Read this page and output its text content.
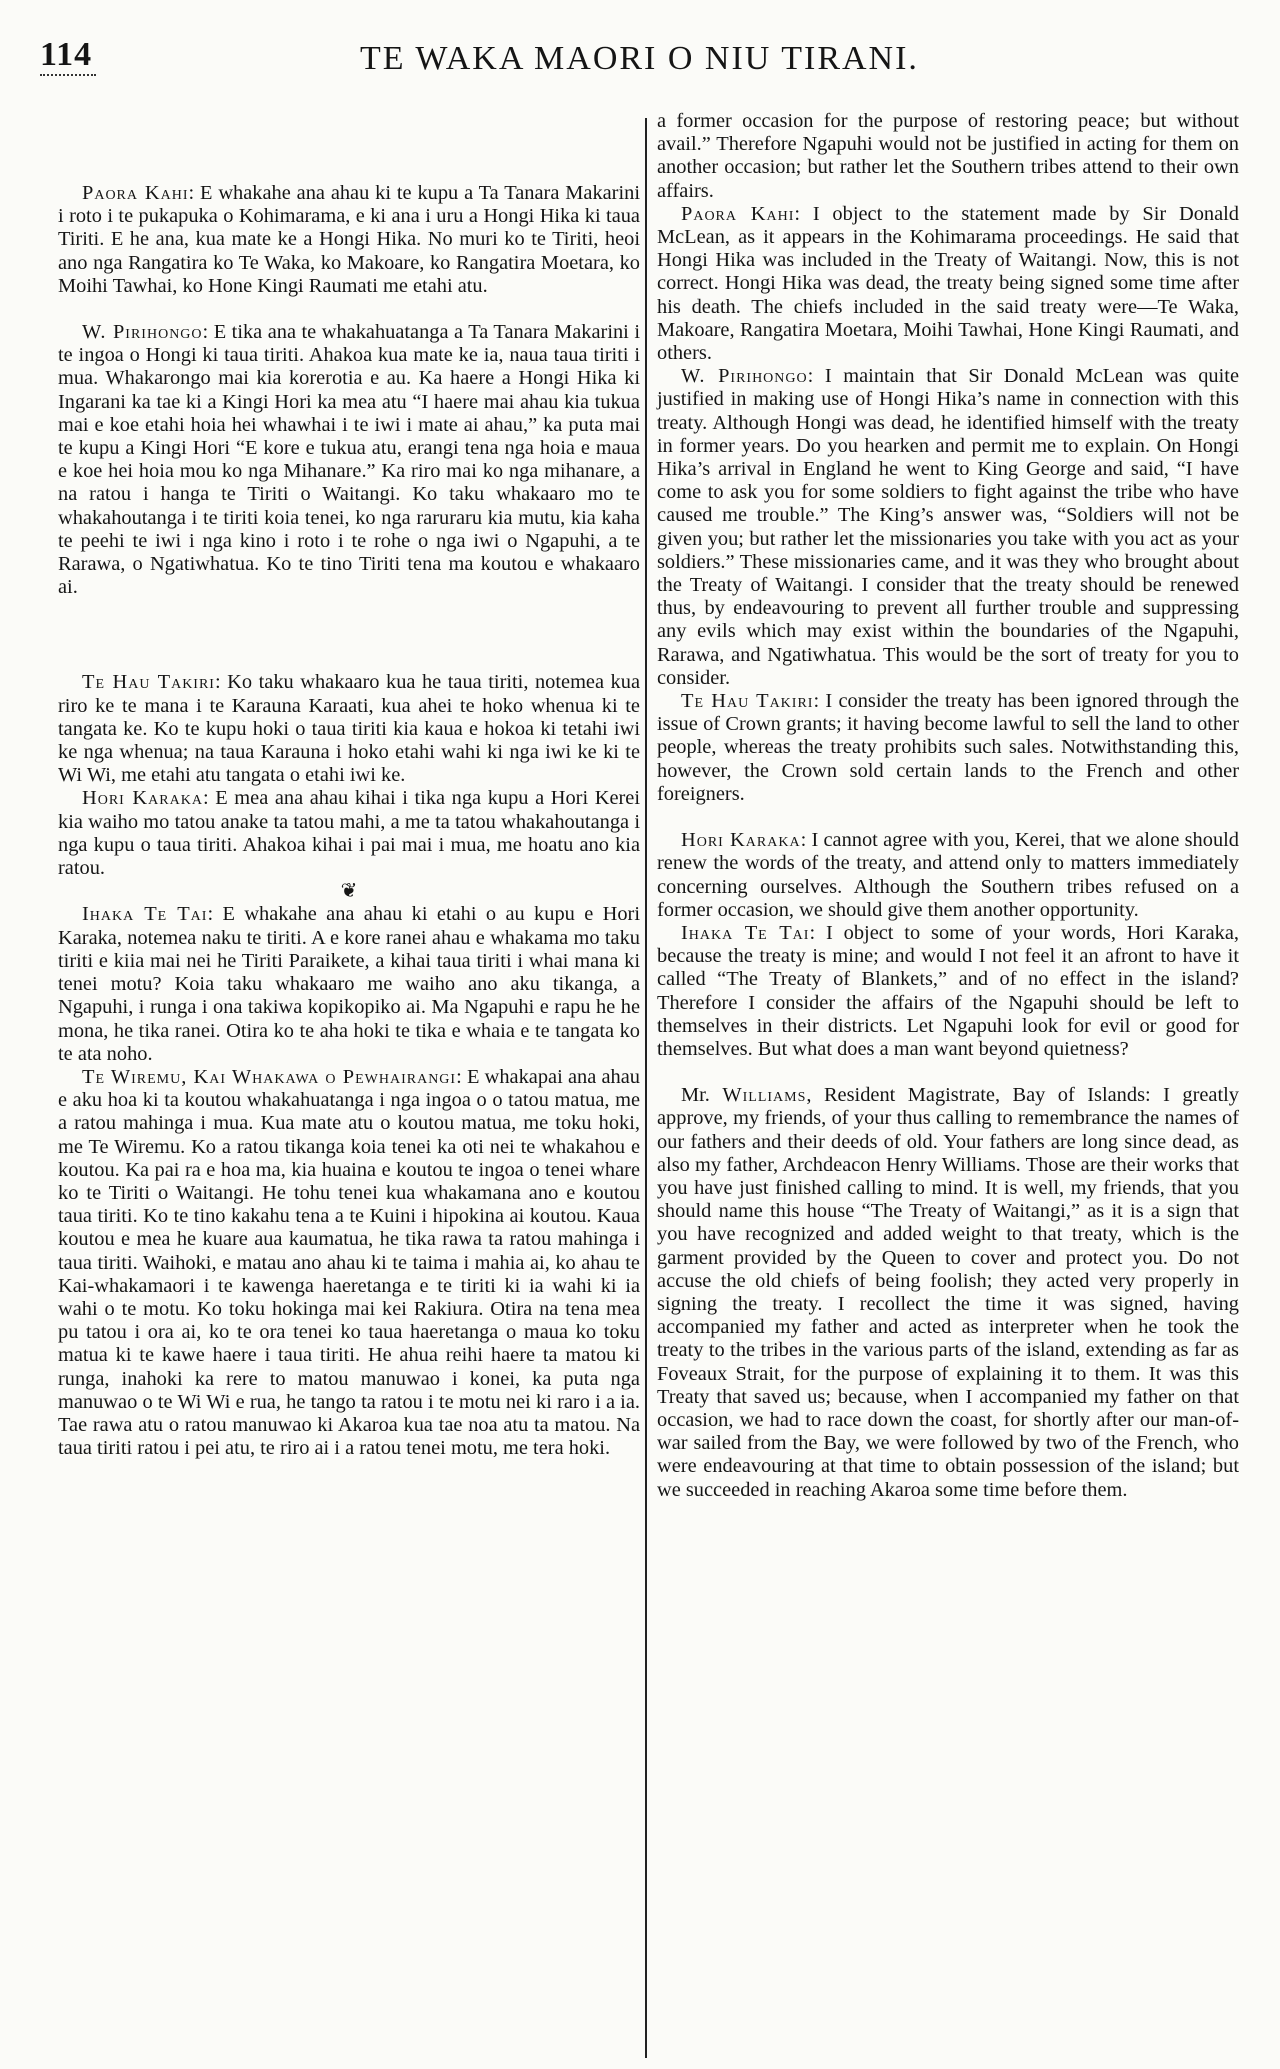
114	TE WAKA MAORI O NIU TIRANI.

Paora Kahi: E whakahe ana ahau ki te kupu a Ta Tanara Makarini i roto i te pukapuka o Kohimarama, e ki ana i uru a Hongi Hika ki taua Tiriti. E he ana, kua mate ke a Hongi Hika. No muri ko te Tiriti, heoi ano nga Rangatira ko Te Waka, ko Makoare, ko Rangatira Moetara, ko Moihi Tawhai, ko Hone Kingi Raumati me etahi atu.

W. Pirihongo: E tika ana te whakahuatanga a Ta Tanara Makarini i te ingoa o Hongi ki taua tiriti. Ahakoa kua mate ke ia, naua taua tiriti i mua. Whakarongo mai kia korerotia e au. Ka haere a Hongi Hika ki Ingarani ka tae ki a Kingi Hori ka mea atu “I haere mai ahau kia tukua mai e koe etahi hoia hei whawhai i te iwi i mate ai ahau,” ka puta mai te kupu a Kingi Hori “E kore e tukua atu, erangi tena nga hoia e maua e koe hei hoia mou ko nga Mihanare.” Ka riro mai ko nga mihanare, a na ratou i hanga te Tiriti o Waitangi. Ko taku whakaaro mo te whakahoutanga i te tiriti koia tenei, ko nga raruraru kia mutu, kia kaha te peehi te iwi i nga kino i roto i te rohe o nga iwi o Ngapuhi, a te Rarawa, o Ngatiwhatua. Ko te tino Tiriti tena ma koutou e whakaaro ai.

Te Hau Takiri: Ko taku whakaaro kua he taua tiriti, notemea kua riro ke te mana i te Karauna Karaati, kua ahei te hoko whenua ki te tangata ke. Ko te kupu hoki o taua tiriti kia kaua e hokoa ki tetahi iwi ke nga whenua; na taua Karauna i hoko etahi wahi ki nga iwi ke ki te Wi Wi, me etahi atu tangata o etahi iwi ke.

Hori Karaka: E mea ana ahau kihai i tika nga kupu a Hori Kerei kia waiho mo tatou anake ta tatou mahi, a me ta tatou whakahoutanga i nga kupu o taua tiriti. Ahakoa kihai i pai mai i mua, me hoatu ano kia ratou.

❦

Ihaka Te Tai: E whakahe ana ahau ki etahi o au kupu e Hori Karaka, notemea naku te tiriti. A e kore ranei ahau e whakama mo taku tiriti e kiia mai nei he Tiriti Paraikete, a kihai taua tiriti i whai mana ki tenei motu? Koia taku whakaaro me waiho ano aku tikanga, a Ngapuhi, i runga i ona takiwa kopikopiko ai. Ma Ngapuhi e rapu he he mona, he tika ranei. Otira ko te aha hoki te tika e whaia e te tangata ko te ata noho.

Te Wiremu, Kai Whakawa o Pewhairangi: E whakapai ana ahau e aku hoa ki ta koutou whakahuatanga i nga ingoa o o tatou matua, me a ratou mahinga i mua. Kua mate atu o koutou matua, me toku hoki, me Te Wiremu. Ko a ratou tikanga koia tenei ka oti nei te whakahou e koutou. Ka pai ra e hoa ma, kia huaina e koutou te ingoa o tenei whare ko te Tiriti o Waitangi. He tohu tenei kua whakamana ano e koutou taua tiriti. Ko te tino kakahu tena a te Kuini i hipokina ai koutou. Kaua koutou e mea he kuare aua kaumatua, he tika rawa ta ratou mahinga i taua tiriti. Waihoki, e matau ano ahau ki te taima i mahia ai, ko ahau te Kai-whakamaori i te kawenga haeretanga e te tiriti ki ia wahi ki ia wahi o te motu. Ko toku hokinga mai kei Rakiura. Otira na tena mea pu tatou i ora ai, ko te ora tenei ko taua haeretanga o maua ko toku matua ki te kawe haere i taua tiriti. He ahua reihi haere ta matou ki runga, inahoki ka rere to matou manuwao i konei, ka puta nga manuwao o te Wi Wi e rua, he tango ta ratou i te motu nei ki raro i a ia. Tae rawa atu o ratou manuwao ki Akaroa kua tae noa atu ta matou. Na taua tiriti ratou i pei atu, te riro ai i a ratou tenei motu, me tera hoki.

a former occasion for the purpose of restoring peace; but without avail.” Therefore Ngapuhi would not be justified in acting for them on another occasion; but rather let the Southern tribes attend to their own affairs.

Paora Kahi: I object to the statement made by Sir Donald McLean, as it appears in the Kohimarama proceedings. He said that Hongi Hika was included in the Treaty of Waitangi. Now, this is not correct. Hongi Hika was dead, the treaty being signed some time after his death. The chiefs included in the said treaty were—Te Waka, Makoare, Rangatira Moetara, Moihi Tawhai, Hone Kingi Raumati, and others.

W. Pirihongo: I maintain that Sir Donald McLean was quite justified in making use of Hongi Hika’s name in connection with this treaty. Although Hongi was dead, he identified himself with the treaty in former years. Do you hearken and permit me to explain. On Hongi Hika’s arrival in England he went to King George and said, “I have come to ask you for some soldiers to fight against the tribe who have caused me trouble.” The King’s answer was, “Soldiers will not be given you; but rather let the missionaries you take with you act as your soldiers.” These missionaries came, and it was they who brought about the Treaty of Waitangi. I consider that the treaty should be renewed thus, by endeavouring to prevent all further trouble and suppressing any evils which may exist within the boundaries of the Ngapuhi, Rarawa, and Ngatiwhatua. This would be the sort of treaty for you to consider.

Te Hau Takiri: I consider the treaty has been ignored through the issue of Crown grants; it having become lawful to sell the land to other people, whereas the treaty prohibits such sales. Notwithstanding this, however, the Crown sold certain lands to the French and other foreigners.

Hori Karaka: I cannot agree with you, Kerei, that we alone should renew the words of the treaty, and attend only to matters immediately concerning ourselves. Although the Southern tribes refused on a former occasion, we should give them another opportunity.

Ihaka Te Tai: I object to some of your words, Hori Karaka, because the treaty is mine; and would I not feel it an afront to have it called “The Treaty of Blankets,” and of no effect in the island? Therefore I consider the affairs of the Ngapuhi should be left to themselves in their districts. Let Ngapuhi look for evil or good for themselves. But what does a man want beyond quietness?

Mr. Williams, Resident Magistrate, Bay of Islands: I greatly approve, my friends, of your thus calling to remembrance the names of our fathers and their deeds of old. Your fathers are long since dead, as also my father, Archdeacon Henry Williams. Those are their works that you have just finished calling to mind. It is well, my friends, that you should name this house “The Treaty of Waitangi,” as it is a sign that you have recognized and added weight to that treaty, which is the garment provided by the Queen to cover and protect you. Do not accuse the old chiefs of being foolish; they acted very properly in signing the treaty. I recollect the time it was signed, having accompanied my father and acted as interpreter when he took the treaty to the tribes in the various parts of the island, extending as far as Foveaux Strait, for the purpose of explaining it to them. It was this Treaty that saved us; because, when I accompanied my father on that occasion, we had to race down the coast, for shortly after our man-of-war sailed from the Bay, we were followed by two of the French, who were endeavouring at that time to obtain possession of the island; but we succeeded in reaching Akaroa some time before them.
